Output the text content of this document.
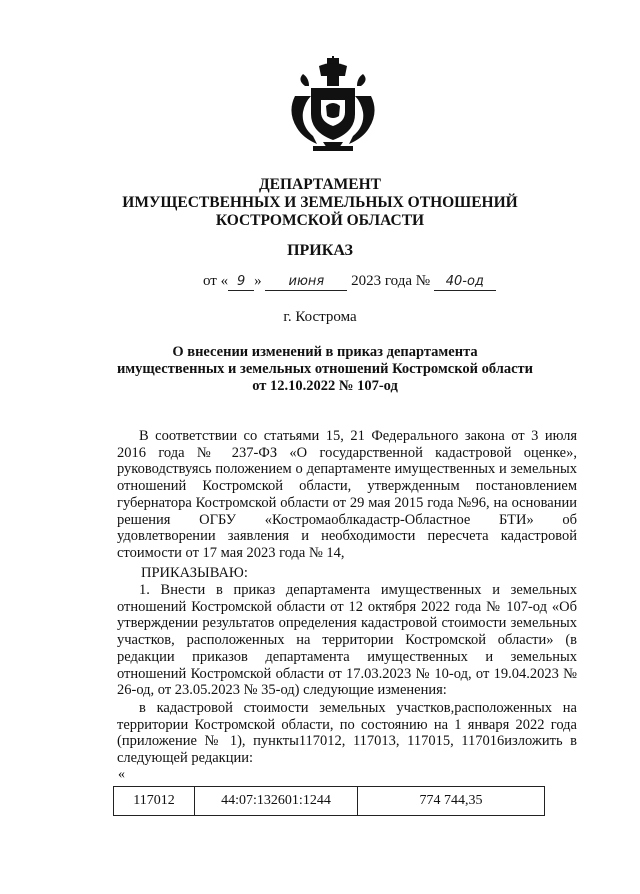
ДЕПАРТАМЕНТ
ИМУЩЕСТВЕННЫХ И ЗЕМЕЛЬНЫХ ОТНОШЕНИЙ
КОСТРОМСКОЙ ОБЛАСТИ
ПРИКАЗ
от « 9 » июня 2023 года № 40-од
г. Кострома
О внесении изменений в приказ департамента
имущественных и земельных отношений Костромской области
от 12.10.2022 № 107-од

В соответствии со статьями 15, 21 Федерального закона от 3 июля 2016 года № 237-ФЗ «О государственной кадастровой оценке», руководствуясь положением о департаменте имущественных и земельных отношений Костромской области, утвержденным постановлением губернатора Костромской области от 29 мая 2015 года №96, на основании решения ОГБУ «Костромаоблкадастр-Областное БТИ» об удовлетворении заявления и необходимости пересчета кадастровой стоимости от 17 мая 2023 года № 14,

ПРИКАЗЫВАЮ:

1. Внести в приказ департамента имущественных и земельных отношений Костромской области от 12 октября 2022 года № 107-од «Об утверждении результатов определения кадастровой стоимости земельных участков, расположенных на территории Костромской области» (в редакции приказов департамента имущественных и земельных отношений Костромской области от 17.03.2023 № 10-од, от 19.04.2023 № 26-од, от 23.05.2023 № 35-од) следующие изменения:

в кадастровой стоимости земельных участков,расположенных на территории Костромской области, по состоянию на 1 января 2022 года (приложение № 1), пункты117012, 117013, 117015, 117016изложить в следующей редакции:

«
117012	44:07:132601:1244	774 744,35
